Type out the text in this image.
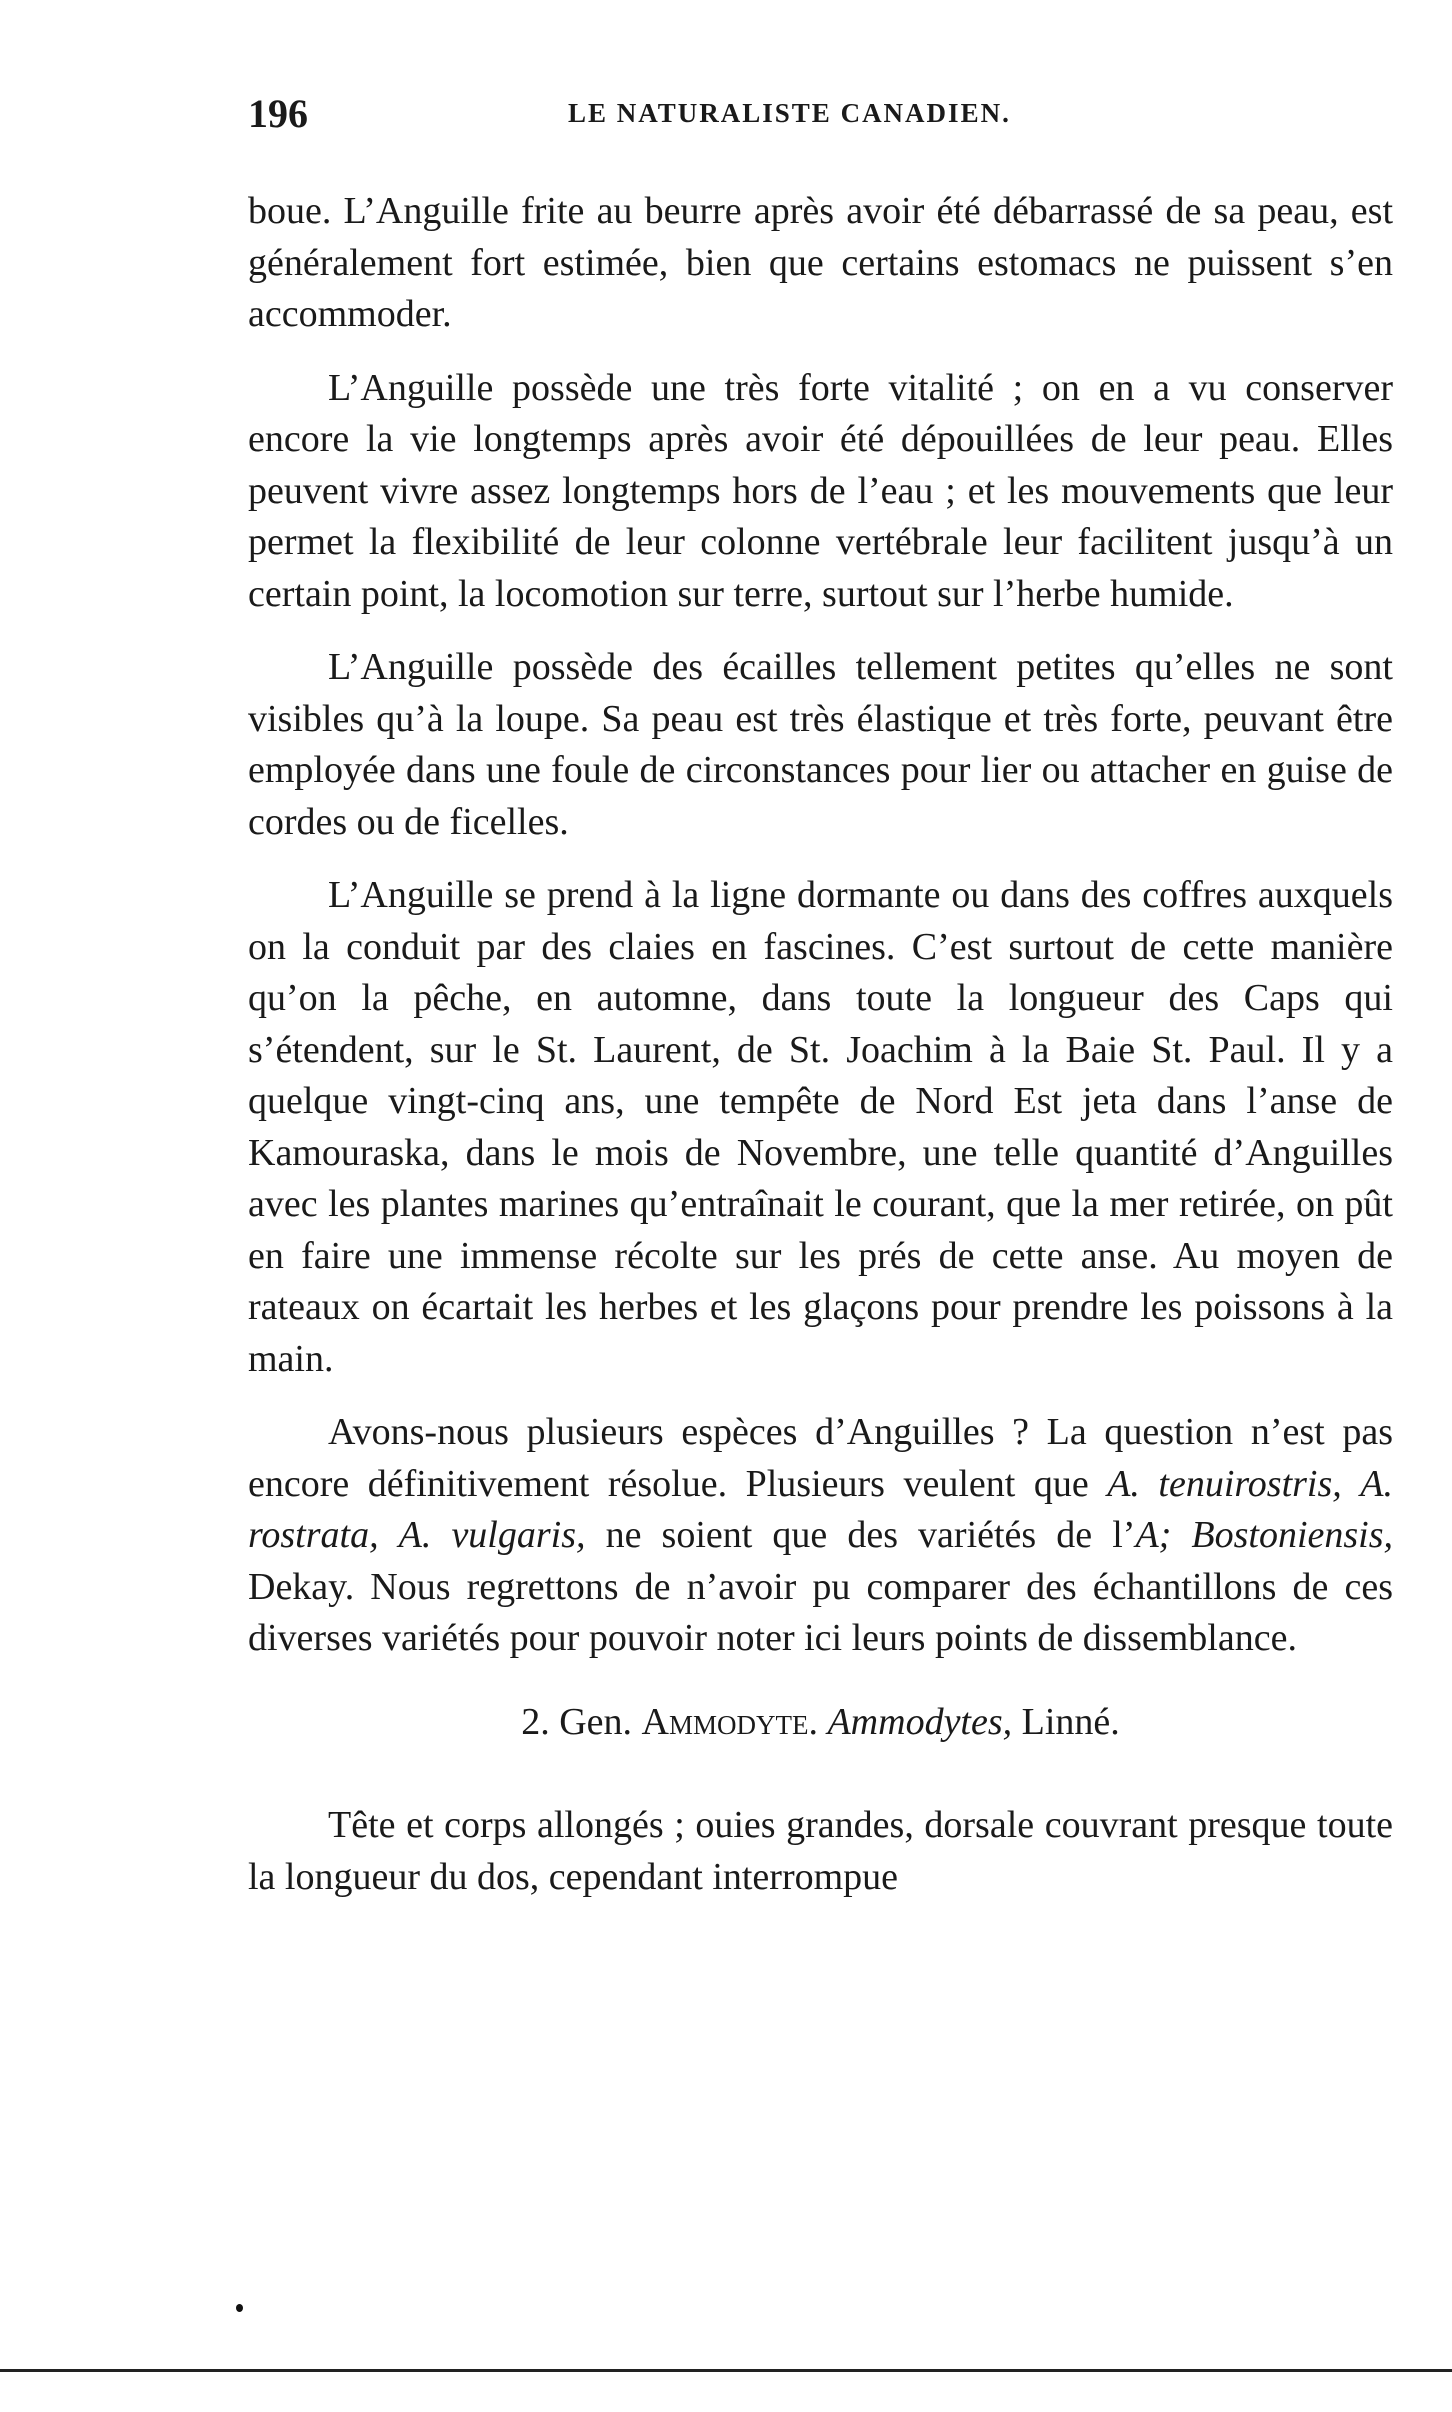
196	LE NATURALISTE CANADIEN.

boue. L’Anguille frite au beurre après avoir été débarrassé de sa peau, est généralement fort estimée, bien que certains estomacs ne puissent s’en accommoder.

L’Anguille possède une très forte vitalité ; on en a vu conserver encore la vie longtemps après avoir été dépouillées de leur peau. Elles peuvent vivre assez longtemps hors de l’eau ; et les mouvements que leur permet la flexibilité de leur colonne vertébrale leur facilitent jusqu’à un certain point, la locomotion sur terre, surtout sur l’herbe humide.

L’Anguille possède des écailles tellement petites qu’elles ne sont visibles qu’à la loupe. Sa peau est très élastique et très forte, peuvant être employée dans une foule de circonstances pour lier ou attacher en guise de cordes ou de ficelles.

L’Anguille se prend à la ligne dormante ou dans des coffres auxquels on la conduit par des claies en fascines. C’est surtout de cette manière qu’on la pêche, en automne, dans toute la longueur des Caps qui s’étendent, sur le St. Laurent, de St. Joachim à la Baie St. Paul. Il y a quelque vingt-cinq ans, une tempête de Nord Est jeta dans l’anse de Kamouraska, dans le mois de Novembre, une telle quantité d’Anguilles avec les plantes marines qu’entraînait le courant, que la mer retirée, on pût en faire une immense récolte sur les prés de cette anse. Au moyen de rateaux on écartait les herbes et les glaçons pour prendre les poissons à la main.

Avons-nous plusieurs espèces d’Anguilles ? La question n’est pas encore définitivement résolue. Plusieurs veulent que A. tenuirostris, A. rostrata, A. vulgaris, ne soient que des variétés de l’A; Bostoniensis, Dekay. Nous regrettons de n’avoir pu comparer des échantillons de ces diverses variétés pour pouvoir noter ici leurs points de dissemblance.

2. Gen. Ammodyte. Ammodytes, Linné.

Tête et corps allongés ; ouies grandes, dorsale couvrant presque toute la longueur du dos, cependant interrompue
